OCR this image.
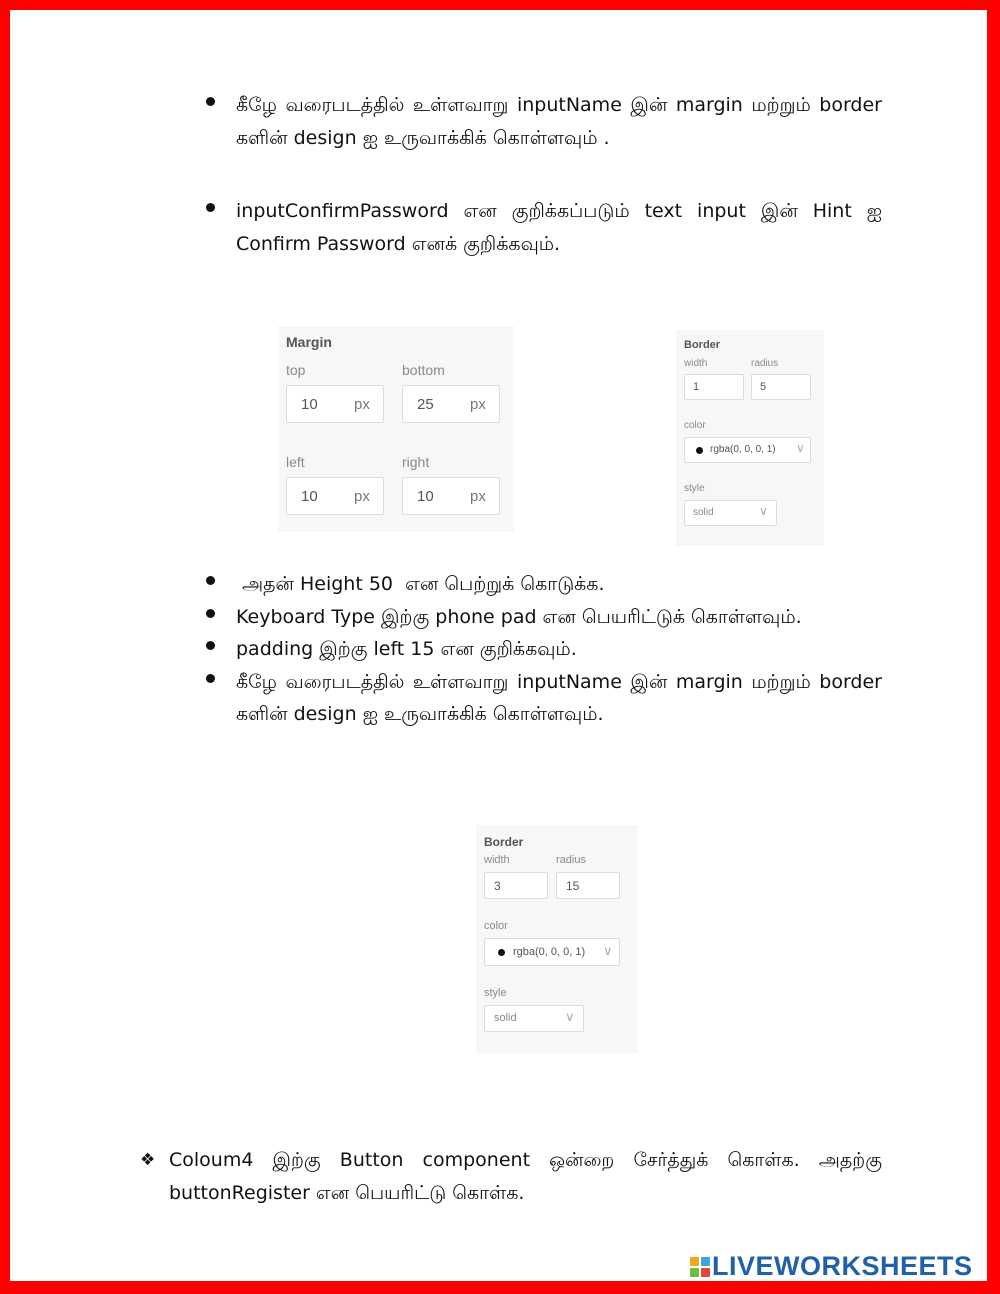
கீழே வரைபடத்தில் உள்ளவாறு inputName இன் margin மற்றும் border களின் design ஐ உருவாக்கிக் கொள்ளவும் .

inputConfirmPassword என குறிக்கப்படும் text input இன் Hint ஐ Confirm Password எனக் குறிக்கவும்.

Margin
top	bottom
10 px	25 px
left	right
10 px	10 px
Border
width	radius
1	5
color
rgba(0, 0, 0, 1) ∨
style
solid	∨

அதன் Height 50  என பெற்றுக் கொடுக்க.

Keyboard Type இற்கு phone pad என பெயரிட்டுக் கொள்ளவும்.

padding இற்கு left 15 என குறிக்கவும்.

கீழே வரைபடத்தில் உள்ளவாறு inputName இன் margin மற்றும் border களின் design ஐ உருவாக்கிக் கொள்ளவும்.

Border
width	radius
3	15
color
rgba(0, 0, 0, 1) ∨
style
solid	∨
❖ Coloum4 இற்கு Button component ஒன்றை சேர்த்துக் கொள்க. அதற்கு buttonRegister என பெயரிட்டு கொள்க.

LIVEWORKSHEETS
